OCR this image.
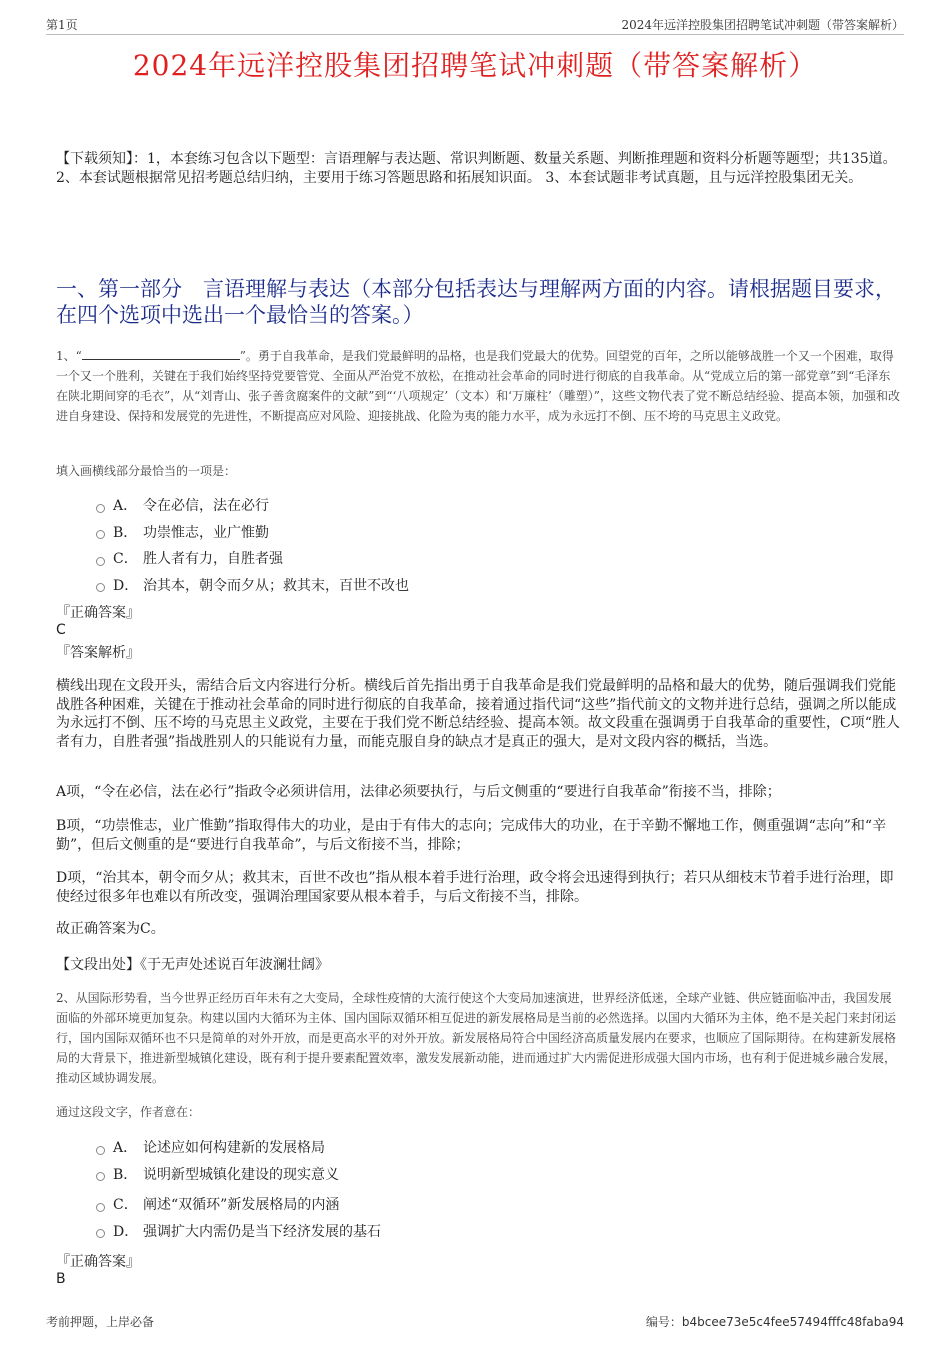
第1页	2024年远洋控股集团招聘笔试冲刺题（带答案解析）
2024年远洋控股集团招聘笔试冲刺题（带答案解析）
【下载须知】：1，本套练习包含以下题型：言语理解与表达题、常识判断题、数量关系题、判断推理题和资料分析题等题型；共135道。 2、本套试题根据常见招考题总结归纳，主要用于练习答题思路和拓展知识面。 3、本套试题非考试真题，且与远洋控股集团无关。
一、第一部分　言语理解与表达（本部分包括表达与理解两方面的内容。请根据题目要求，在四个选项中选出一个最恰当的答案。）
1、“	”。勇于自我革命，是我们党最鲜明的品格，也是我们党最大的优势。回望党的百年，之所以能够战胜一个又一个困难，取得一个又一个胜利，关键在于我们始终坚持党要管党、全面从严治党不放松，在推动社会革命的同时进行彻底的自我革命。从“党成立后的第一部党章”到“毛泽东在陕北期间穿的毛衣”，从“刘青山、张子善贪腐案件的文献”到“‘八项规定’（文本）和‘万廉柱’（雕塑）”，这些文物代表了党不断总结经验、提高本领，加强和改进自身建设、保持和发展党的先进性，不断提高应对风险、迎接挑战、化险为夷的能力水平，成为永远打不倒、压不垮的马克思主义政党。
填入画横线部分最恰当的一项是：
A． 令在必信，法在必行
B． 功崇惟志，业广惟勤
C． 胜人者有力，自胜者强
D． 治其本，朝令而夕从；救其末，百世不改也
『正确答案』
C
『答案解析』
横线出现在文段开头，需结合后文内容进行分析。横线后首先指出勇于自我革命是我们党最鲜明的品格和最大的优势，随后强调我们党能战胜各种困难，关键在于推动社会革命的同时进行彻底的自我革命，接着通过指代词“这些”指代前文的文物并进行总结，强调之所以能成为永远打不倒、压不垮的马克思主义政党，主要在于我们党不断总结经验、提高本领。故文段重在强调勇于自我革命的重要性，C项“胜人者有力，自胜者强”指战胜别人的只能说有力量，而能克服自身的缺点才是真正的强大，是对文段内容的概括，当选。
A项，“令在必信，法在必行”指政令必须讲信用，法律必须要执行，与后文侧重的“要进行自我革命”衔接不当，排除；
B项，“功崇惟志，业广惟勤”指取得伟大的功业，是由于有伟大的志向；完成伟大的功业，在于辛勤不懈地工作，侧重强调“志向”和“辛勤”，但后文侧重的是“要进行自我革命”，与后文衔接不当，排除；
D项，“治其本，朝令而夕从；救其末，百世不改也”指从根本着手进行治理，政令将会迅速得到执行；若只从细枝末节着手进行治理，即使经过很多年也难以有所改变，强调治理国家要从根本着手，与后文衔接不当，排除。
故正确答案为C。
【文段出处】《于无声处述说百年波澜壮阔》
2、从国际形势看，当今世界正经历百年未有之大变局，全球性疫情的大流行使这个大变局加速演进，世界经济低迷，全球产业链、供应链面临冲击，我国发展面临的外部环境更加复杂。构建以国内大循环为主体、国内国际双循环相互促进的新发展格局是当前的必然选择。以国内大循环为主体，绝不是关起门来封闭运行，国内国际双循环也不只是简单的对外开放，而是更高水平的对外开放。新发展格局符合中国经济高质量发展内在要求，也顺应了国际期待。在构建新发展格局的大背景下，推进新型城镇化建设，既有利于提升要素配置效率，激发发展新动能，进而通过扩大内需促进形成强大国内市场，也有利于促进城乡融合发展，推动区域协调发展。
通过这段文字，作者意在：
A． 论述应如何构建新的发展格局
B． 说明新型城镇化建设的现实意义
C． 阐述“双循环”新发展格局的内涵
D． 强调扩大内需仍是当下经济发展的基石
『正确答案』
B
考前押题，上岸必备	编号：b4bcee73e5c4fee57494fffc48faba94
